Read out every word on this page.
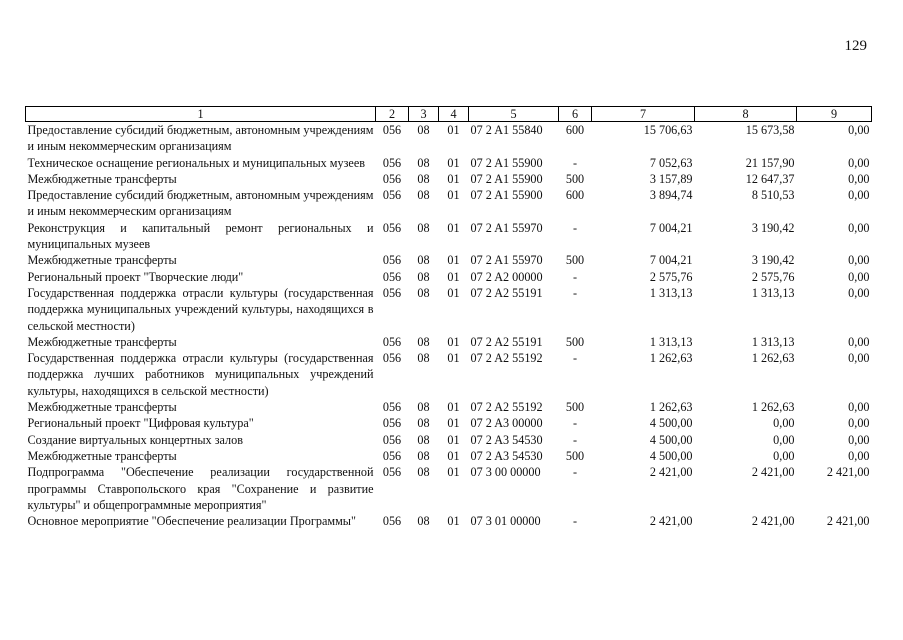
129
1	2	3	4	5	6	7	8	9
Предоставление субсидий бюджетным, автономным учреждениям и иным некоммерческим организациям	056	08	01	07 2 A1 55840	600	15 706,63	15 673,58	0,00
Техническое оснащение региональных и муниципальных музеев	056	08	01	07 2 A1 55900	-	7 052,63	21 157,90	0,00
Межбюджетные трансферты	056	08	01	07 2 A1 55900	500	3 157,89	12 647,37	0,00
Предоставление субсидий бюджетным, автономным учреждениям и иным некоммерческим организациям	056	08	01	07 2 A1 55900	600	3 894,74	8 510,53	0,00
Реконструкция и капитальный ремонт региональных и муниципальных музеев	056	08	01	07 2 A1 55970	-	7 004,21	3 190,42	0,00
Межбюджетные трансферты	056	08	01	07 2 A1 55970	500	7 004,21	3 190,42	0,00
Региональный проект "Творческие люди"	056	08	01	07 2 A2 00000	-	2 575,76	2 575,76	0,00
Государственная поддержка отрасли культуры (государственная поддержка муниципальных учреждений культуры, находящихся в сельской местности)	056	08	01	07 2 A2 55191	-	1 313,13	1 313,13	0,00
Межбюджетные трансферты	056	08	01	07 2 A2 55191	500	1 313,13	1 313,13	0,00
Государственная поддержка отрасли культуры (государственная поддержка лучших работников муниципальных учреждений культуры, находящихся в сельской местности)	056	08	01	07 2 A2 55192	-	1 262,63	1 262,63	0,00
Межбюджетные трансферты	056	08	01	07 2 A2 55192	500	1 262,63	1 262,63	0,00
Региональный проект "Цифровая культура"	056	08	01	07 2 A3 00000	-	4 500,00	0,00	0,00
Создание виртуальных концертных залов	056	08	01	07 2 A3 54530	-	4 500,00	0,00	0,00
Межбюджетные трансферты	056	08	01	07 2 A3 54530	500	4 500,00	0,00	0,00
Подпрограмма "Обеспечение реализации государственной программы Ставропольского края "Сохранение и развитие культуры" и общепрограммные мероприятия"	056	08	01	07 3 00 00000	-	2 421,00	2 421,00	2 421,00
Основное мероприятие "Обеспечение реализации Программы"	056	08	01	07 3 01 00000	-	2 421,00	2 421,00	2 421,00
